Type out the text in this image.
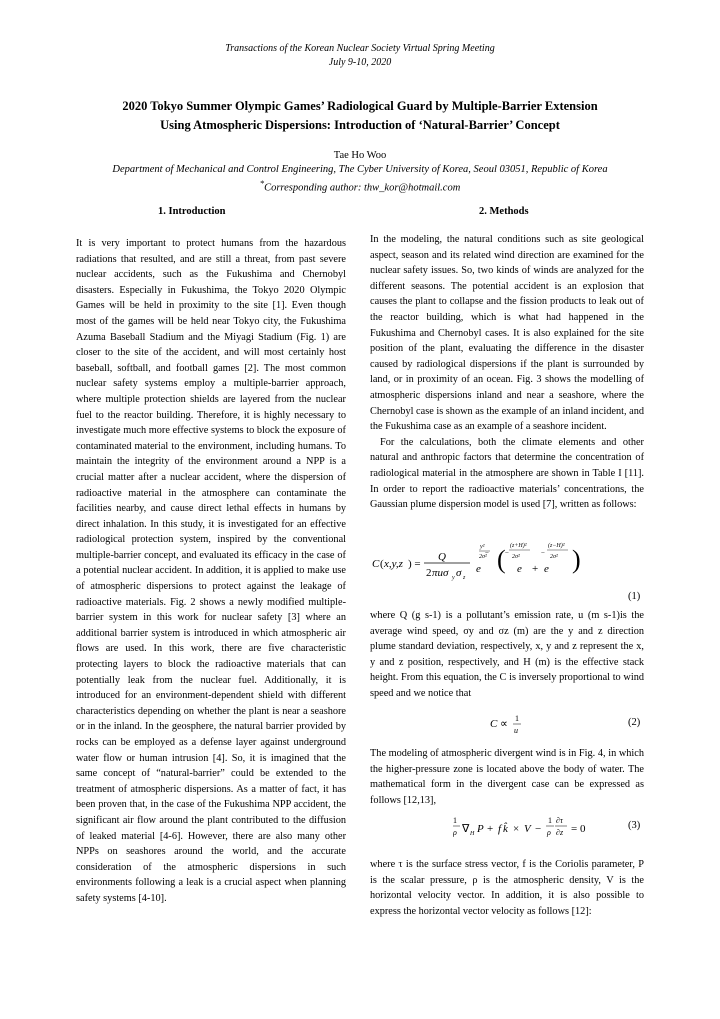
Transactions of the Korean Nuclear Society Virtual Spring Meeting
July 9-10, 2020
2020 Tokyo Summer Olympic Games’ Radiological Guard by Multiple-Barrier Extension
Using Atmospheric Dispersions: Introduction of ‘Natural-Barrier’ Concept
Tae Ho Woo
Department of Mechanical and Control Engineering, The Cyber University of Korea, Seoul 03051, Republic of Korea
*Corresponding author: thw_kor@hotmail.com
1. Introduction	2. Methods

It is very important to protect humans from the hazardous radiations that resulted, and are still a threat, from past severe nuclear accidents, such as the Fukushima and Chernobyl disasters. Especially in Fukushima, the Tokyo 2020 Olympic Games will be held in proximity to the site [1]. Even though most of the games will be held near Tokyo city, the Fukushima Azuma Baseball Stadium and the Miyagi Stadium (Fig. 1) are closer to the site of the accident, and will most certainly host baseball, softball, and football games [2]. The most common nuclear safety systems employ a multiple-barrier approach, where multiple protection shields are layered from the nuclear fuel to the reactor building. Therefore, it is highly necessary to investigate much more effective systems to block the exposure of contaminated material to the environment, including humans. To maintain the integrity of the environment around a NPP is a crucial matter after a nuclear accident, where the dispersion of radioactive material in the atmosphere can contaminate the facilities nearby, and cause direct lethal effects in humans by direct inhalation. In this study, it is investigated for an effective radiological protection system, inspired by the conventional multiple-barrier concept, and evaluated its efficacy in the case of a potential nuclear accident. In addition, it is applied to make use of atmospheric dispersions to protect against the leakage of radioactive materials. Fig. 2 shows a newly modified multiple-barrier system in this work for nuclear safety [3] where an additional barrier system is introduced in which atmospheric air flows are used. In this work, there are five characteristic protecting layers to block the radioactive materials that can potentially leak from the nuclear fuel. Additionally, it is introduced for an environment-dependent shield with different characteristics depending on whether the plant is near a seashore or in the inland. In the geosphere, the natural barrier provided by rocks can be employed as a defense layer against underground water flow or human intrusion [4]. So, it is imagined that the same concept of “natural-barrier” could be extended to the treatment of atmospheric dispersions. As a matter of fact, it has been proven that, in the case of the Fukushima NPP accident, the significant air flow around the plant contributed to the diffusion of leaked material [4-6]. However, there are also many other NPPs on seashores around the world, and the accurate consideration of the atmospheric dispersions in such environments following a leak is a crucial aspect when planning safety systems [4-10].

In the modeling, the natural conditions such as site geological aspect, season and its related wind direction are examined for the nuclear safety issues. So, two kinds of winds are analyzed for the different seasons. The potential accident is an explosion that causes the plant to collapse and the fission products to leak out of the reactor building, which is what had happened in the Fukushima and Chernobyl cases. It is also explained for the site position of the plant, evaluating the difference in the disaster caused by radiological dispersions if the plant is surrounded by land, or in proximity of an ocean. Fig. 3 shows the modelling of atmospheric dispersions inland and near a seashore, where the Chernobyl case is shown as the example of an inland incident, and the Fukushima case as an example of a seashore incident.

For the calculations, both the climate elements and other natural and anthropic factors that determine the concentration of radiological material in the atmosphere are shown in Table I [11]. In order to report the radioactive materials’ concentrations, the Gaussian plume dispersion model is used [7], written as follows:

C ( x,y,z ) =
Q
2 πuσ y σ z
e
y²
2σ²
− ( e
(z+H)²
2σ²
−
+ e
(z−H)²
2σ²
− )
(1)

where Q (g s-1) is a pollutant’s emission rate, u (m s-1)is the average wind speed, σy and σz (m) are the y and z direction plume standard deviation, respectively, x, y and z represent the x, y and z position, respectively, and H (m) is the effective stack height. From this equation, the C is inversely proportional to wind speed and we notice that

C ∝ 1
u
(2)

The modeling of atmospheric divergent wind is in Fig. 4, in which the higher-pressure zone is located above the body of water. The mathematical form in the divergent case can be expressed as follows [12,13],

1
ρ ∇ H P + f k̂ × V −
1
ρ
∂τ
∂z = 0	(3)

where τ is the surface stress vector, f is the Coriolis parameter, P is the scalar pressure, ρ is the atmospheric density, V is the horizontal velocity vector. In addition, it is also possible to express the horizontal vector velocity as follows [12]:
